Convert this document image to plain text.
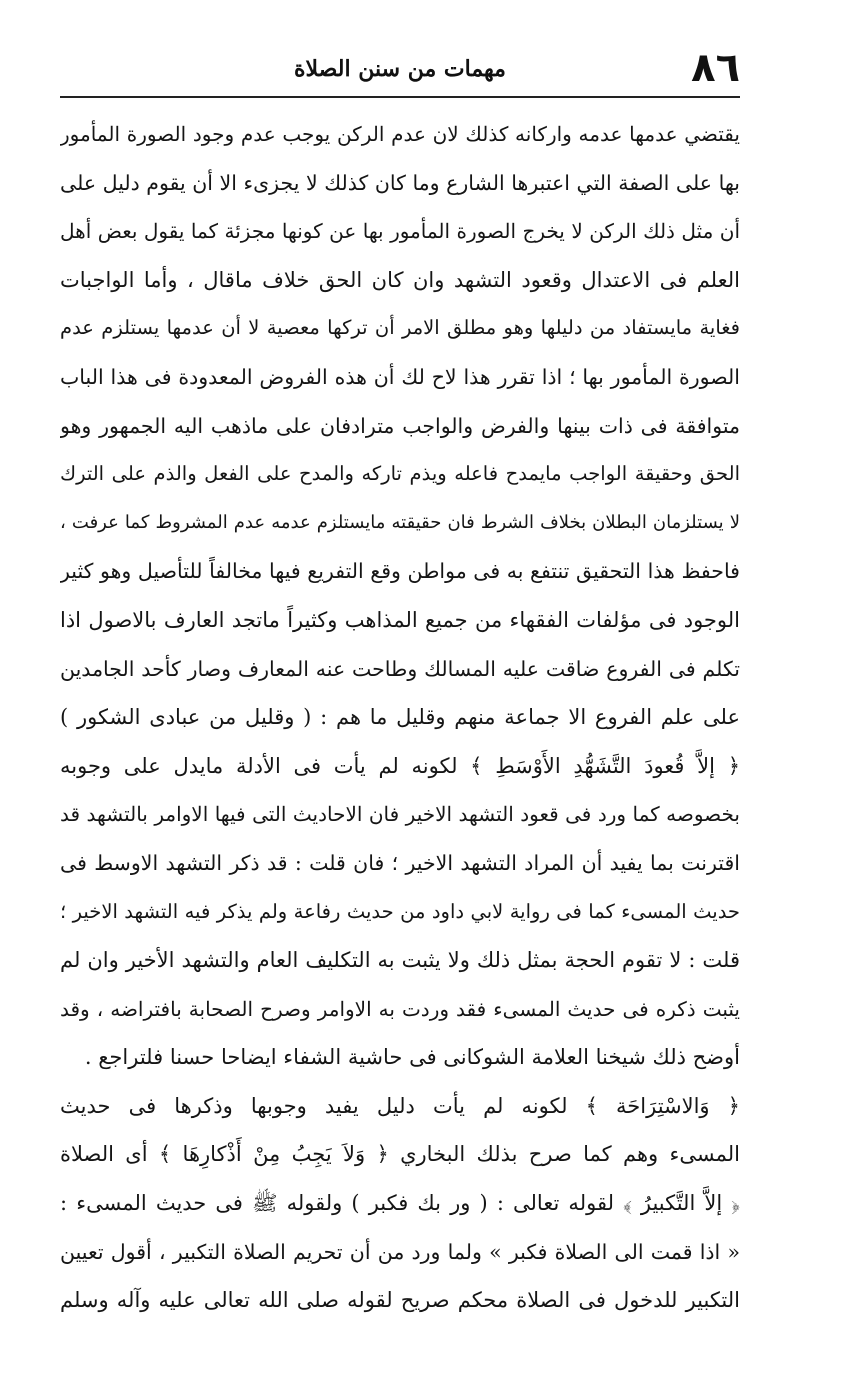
٨٦
مهمات من سنن الصلاة
يقتضي عدمها عدمه واركانه كذلك لان عدم الركن يوجب عدم وجود الصورة المأمور
بها على الصفة التي اعتبرها الشارع وما كان كذلك لا يجزىء الا أن يقوم دليل على
أن مثل ذلك الركن لا يخرج الصورة المأمور بها عن كونها مجزئة كما يقول بعض أهل
العلم فى الاعتدال وقعود التشهد وان كان الحق خلاف ماقال ، وأما الواجبات
فغاية مايستفاد من دليلها وهو مطلق الامر أن تركها معصية لا أن عدمها يستلزم عدم
الصورة المأمور بها ؛ اذا تقرر هذا لاح لك أن هذه الفروض المعدودة فى هذا الباب
متوافقة فى ذات بينها والفرض والواجب مترادفان على ماذهب اليه الجمهور وهو
الحق وحقيقة الواجب مايمدح فاعله ويذم تاركه والمدح على الفعل والذم على الترك
لا يستلزمان البطلان بخلاف الشرط فان حقيقته مايستلزم عدمه عدم المشروط كما عرفت ،
فاحفظ هذا التحقيق تنتفع به فى مواطن وقع التفريع فيها مخالفاً للتأصيل وهو كثير
الوجود فى مؤلفات الفقهاء من جميع المذاهب وكثيراً ماتجد العارف بالاصول اذا
تكلم فى الفروع ضاقت عليه المسالك وطاحت عنه المعارف وصار كأحد الجامدين
على علم الفروع الا جماعة منهم وقليل ما هم : ( وقليل من عبادى الشكور )
﴿ إلاَّ قُعودَ التَّشَهُّدِ الأَوْسَطِ ﴾ لكونه لم يأت فى الأدلة مايدل على وجوبه
بخصوصه كما ورد فى قعود التشهد الاخير فان الاحاديث التى فيها الاوامر بالتشهد قد
اقترنت بما يفيد أن المراد التشهد الاخير ؛ فان قلت : قد ذكر التشهد الاوسط فى
حديث المسىء كما فى رواية لابي داود من حديث رفاعة ولم يذكر فيه التشهد الاخير ؛
قلت : لا تقوم الحجة بمثل ذلك ولا يثبت به التكليف العام والتشهد الأخير وان لم
يثبت ذكره فى حديث المسىء فقد وردت به الاوامر وصرح الصحابة بافتراضه ، وقد
أوضح ذلك شيخنا العلامة الشوكانى فى حاشية الشفاء ايضاحا حسنا فلتراجع .
﴿ وَالاسْتِرَاحَة ﴾ لكونه لم يأت دليل يفيد وجوبها وذكرها فى حديث
المسىء وهم كما صرح بذلك البخاري ﴿ وَلاَ يَجِبُ مِنْ أَذْكارِهَا ﴾ أى الصلاة
﴿ إلاَّ التَّكبيرُ ﴾ لقوله تعالى : ( ور بك فكبر ) ولقوله ﷺ فى حديث المسىء :
« اذا قمت الى الصلاة فكبر » ولما ورد من أن تحريم الصلاة التكبير ، أقول تعيين
التكبير للدخول فى الصلاة محكم صريح لقوله صلى الله تعالى عليه وآله وسلم
